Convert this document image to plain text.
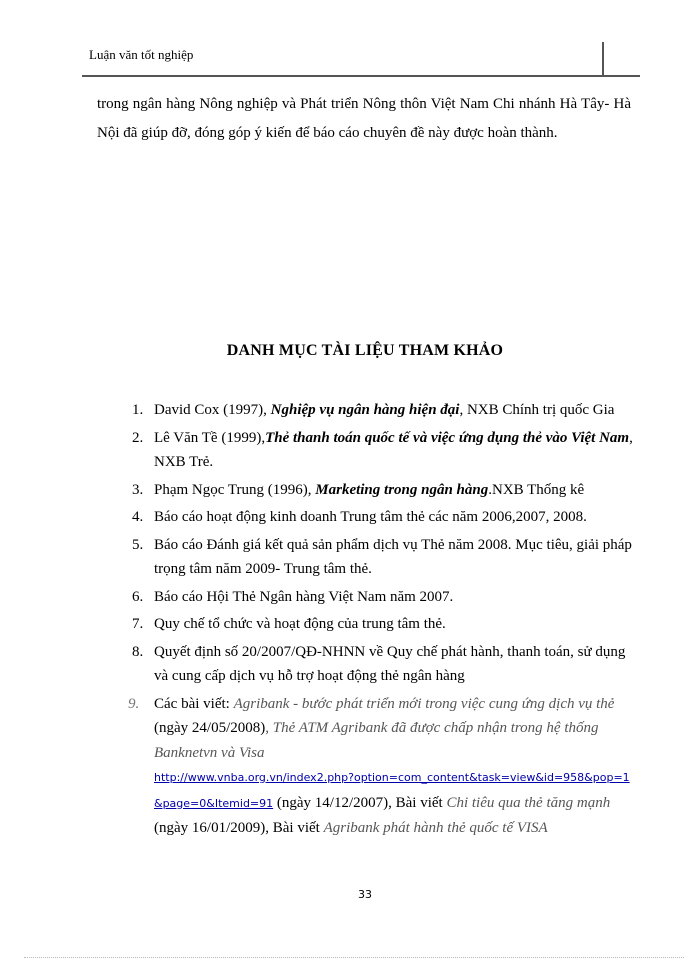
Luận văn tốt nghiệp

trong ngân hàng Nông nghiệp và Phát triển Nông thôn Việt Nam Chi nhánh Hà Tây- Hà Nội đã giúp đỡ, đóng góp ý kiến để báo cáo chuyên đề này được hoàn thành.

DANH MỤC TÀI LIỆU THAM KHẢO
1. David Cox (1997), Nghiệp vụ ngân hàng hiện đại, NXB Chính trị quốc Gia
2. Lê Văn Tề (1999),Thẻ thanh toán quốc tế và việc ứng dụng thẻ vào Việt Nam, NXB Trẻ.
3. Phạm Ngọc Trung (1996), Marketing trong ngân hàng.NXB Thống kê
4. Báo cáo hoạt động kinh doanh Trung tâm thẻ các năm 2006,2007, 2008.
5. Báo cáo Đánh giá kết quả sản phẩm dịch vụ Thẻ năm 2008. Mục tiêu, giải pháp trọng tâm năm 2009- Trung tâm thẻ.
6. Báo cáo Hội Thẻ Ngân hàng Việt Nam năm 2007.
7. Quy chế tổ chức và hoạt động của trung tâm thẻ.
8. Quyết định số 20/2007/QĐ-NHNN về Quy chế phát hành, thanh toán, sử dụng và cung cấp dịch vụ hỗ trợ hoạt động thẻ ngân hàng
9. Các bài viết: Agribank - bước phát triển mới trong việc cung ứng dịch vụ thẻ (ngày 24/05/2008), Thẻ ATM Agribank đã được chấp nhận trong hệ thống Banknetvn và Visa
http://www.vnba.org.vn/index2.php?option=com_content&task=view&id=958&pop=1&page=0&Itemid=91 (ngày 14/12/2007), Bài viết Chi tiêu qua thẻ tăng mạnh (ngày 16/01/2009), Bài viết Agribank phát hành thẻ quốc tế VISA
33
